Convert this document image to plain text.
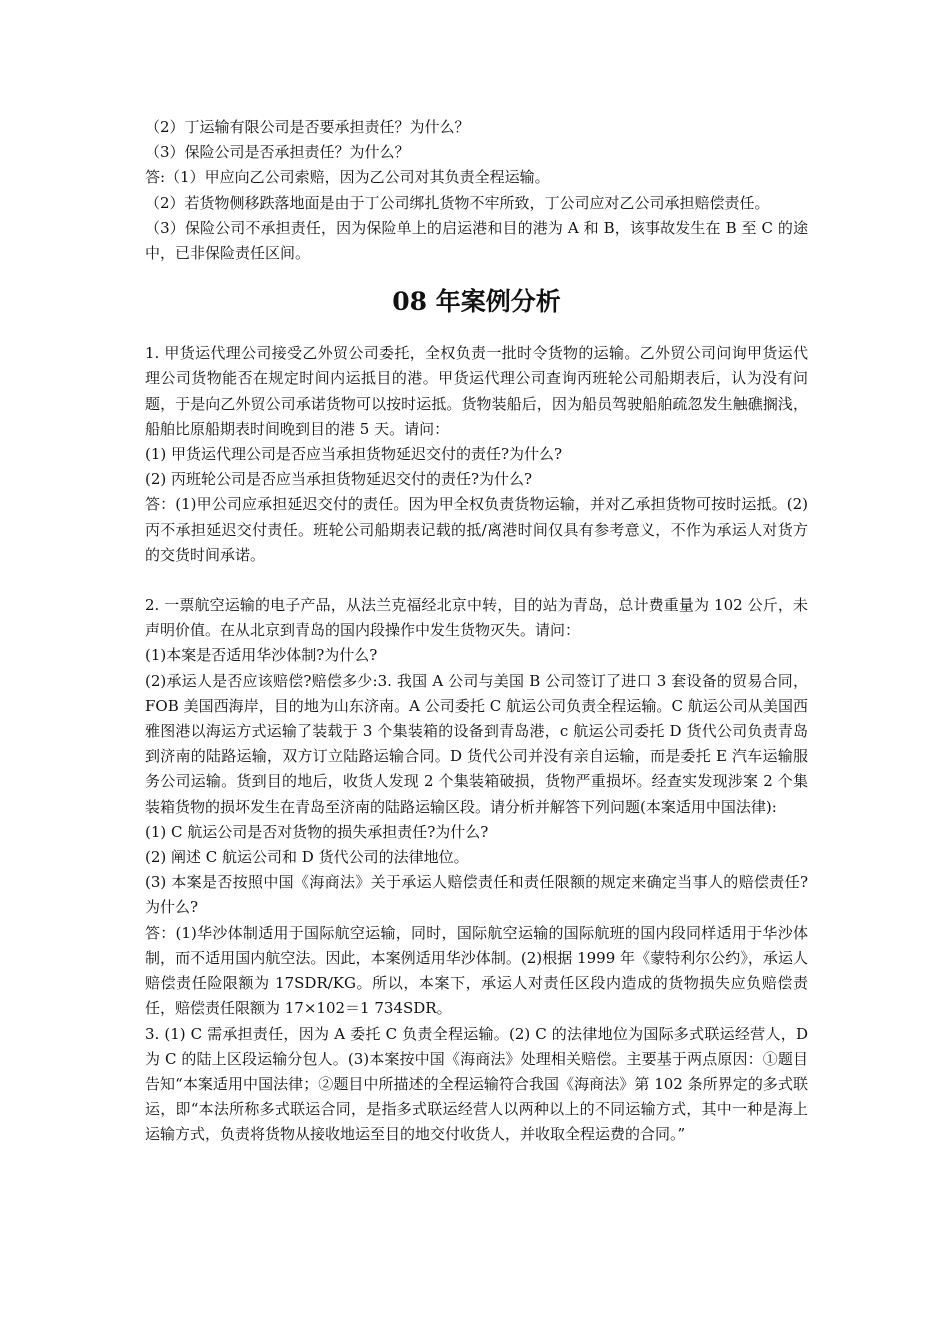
（2）丁运输有限公司是否要承担责任？为什么？

（3）保险公司是否承担责任？为什么？

答:（1）甲应向乙公司索赔，因为乙公司对其负责全程运输。

（2）若货物侧移跌落地面是由于丁公司绑扎货物不牢所致，丁公司应对乙公司承担赔偿责任。

（3）保险公司不承担责任，因为保险单上的启运港和目的港为 A 和 B，该事故发生在 B 至 C 的途中，已非保险责任区间。

08 年案例分析

1. 甲货运代理公司接受乙外贸公司委托，全权负责一批时令货物的运输。乙外贸公司问询甲货运代理公司货物能否在规定时间内运抵目的港。甲货运代理公司查询丙班轮公司船期表后，认为没有问题，于是向乙外贸公司承诺货物可以按时运抵。货物装船后，因为船员驾驶船舶疏忽发生触礁搁浅，船舶比原船期表时间晚到目的港 5 天。请问：

(1) 甲货运代理公司是否应当承担货物延迟交付的责任?为什么?

(2) 丙班轮公司是否应当承担货物延迟交付的责任?为什么?

答：(1)甲公司应承担延迟交付的责任。因为甲全权负责货物运输，并对乙承担货物可按时运抵。(2)丙不承担延迟交付责任。班轮公司船期表记载的抵/离港时间仅具有参考意义，不作为承运人对货方的交货时间承诺。

2. 一票航空运输的电子产品，从法兰克福经北京中转，目的站为青岛，总计费重量为 102 公斤，未声明价值。在从北京到青岛的国内段操作中发生货物灭失。请问：

(1)本案是否适用华沙体制?为什么?

(2)承运人是否应该赔偿?赔偿多少:3. 我国 A 公司与美国 B 公司签订了进口 3 套设备的贸易合同，FOB 美国西海岸，目的地为山东济南。A 公司委托 C 航运公司负责全程运输。C 航运公司从美国西雅图港以海运方式运输了装载于 3 个集装箱的设备到青岛港，c 航运公司委托 D 货代公司负责青岛到济南的陆路运输，双方订立陆路运输合同。D 货代公司并没有亲自运输，而是委托 E 汽车运输服务公司运输。货到目的地后，收货人发现 2 个集装箱破损，货物严重损坏。经查实发现涉案 2 个集装箱货物的损坏发生在青岛至济南的陆路运输区段。请分析并解答下列问题(本案适用中国法律):

(1) C 航运公司是否对货物的损失承担责任?为什么?

(2) 阐述 C 航运公司和 D 货代公司的法律地位。

(3) 本案是否按照中国《海商法》关于承运人赔偿责任和责任限额的规定来确定当事人的赔偿责任?为什么?

答：(1)华沙体制适用于国际航空运输，同时，国际航空运输的国际航班的国内段同样适用于华沙体制，而不适用国内航空法。因此，本案例适用华沙体制。(2)根据 1999 年《蒙特利尔公约》，承运人赔偿责任险限额为 17SDR/KG。所以，本案下，承运人对责任区段内造成的货物损失应负赔偿责任，赔偿责任限额为 17×102＝1 734SDR。

3. (1) C 需承担责任，因为 A 委托 C 负责全程运输。(2) C 的法律地位为国际多式联运经营人，D 为 C 的陆上区段运输分包人。(3)本案按中国《海商法》处理相关赔偿。主要基于两点原因：①题目告知“本案适用中国法律；②题目中所描述的全程运输符合我国《海商法》第 102 条所界定的多式联运，即“本法所称多式联运合同，是指多式联运经营人以两种以上的不同运输方式，其中一种是海上运输方式，负责将货物从接收地运至目的地交付收货人，并收取全程运费的合同。”
